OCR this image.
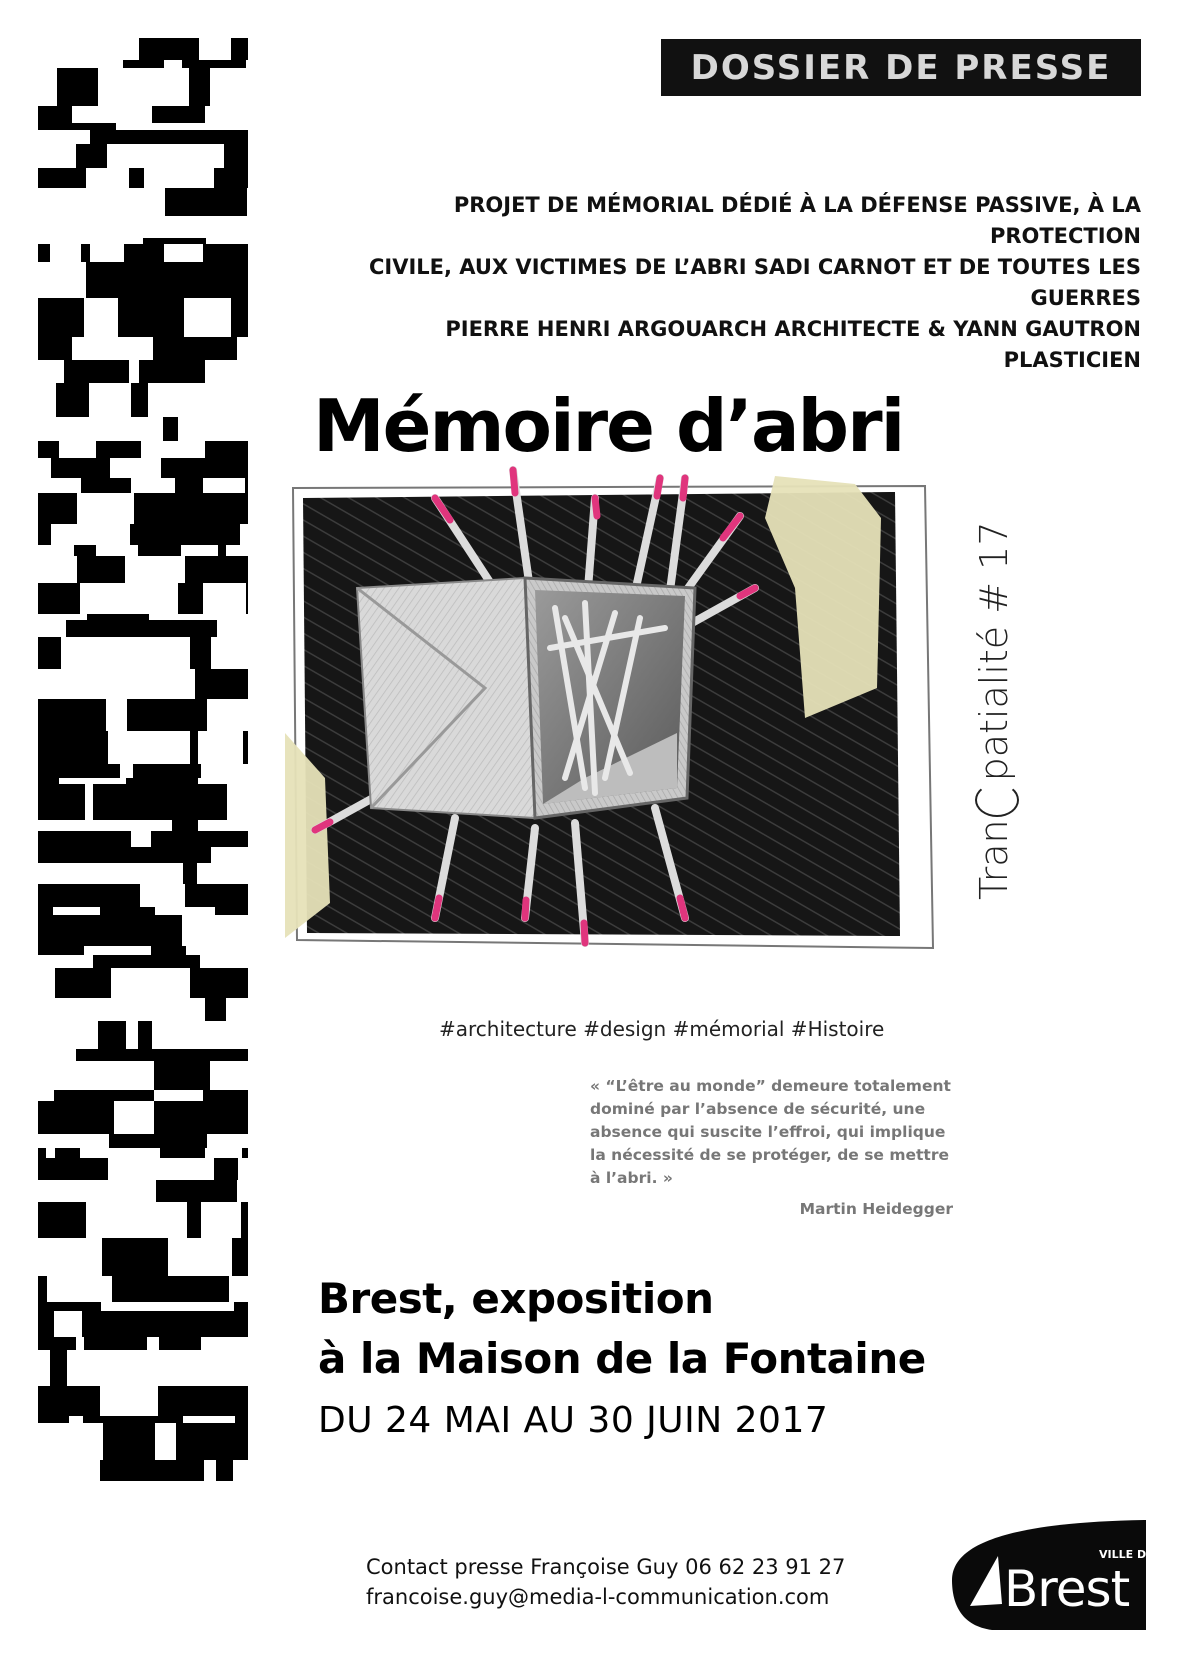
DOSSIER DE PRESSE
PROJET DE MÉMORIAL DÉDIÉ À LA DÉFENSE PASSIVE, À LA PROTECTION
CIVILE, AUX VICTIMES DE L’ABRI SADI CARNOT ET DE TOUTES LES GUERRES
PIERRE HENRI ARGOUARCH ARCHITECTE & YANN GAUTRON PLASTICIEN
Mémoire d’abri
Tranpatialité # 17
#architecture #design #mémorial #Histoire
« “L’être au monde” demeure totalement dominé par l’absence de sécurité, une absence qui suscite l’effroi, qui implique la nécessité de se protéger, de se mettre à l’abri. »
Martin Heidegger
Brest, exposition
à la Maison de la Fontaine
DU 24 MAI AU 30 JUIN 2017
Contact presse Françoise Guy 06 62 23 91 27
francoise.guy@media-l-communication.com
VILLE DE
Brest
